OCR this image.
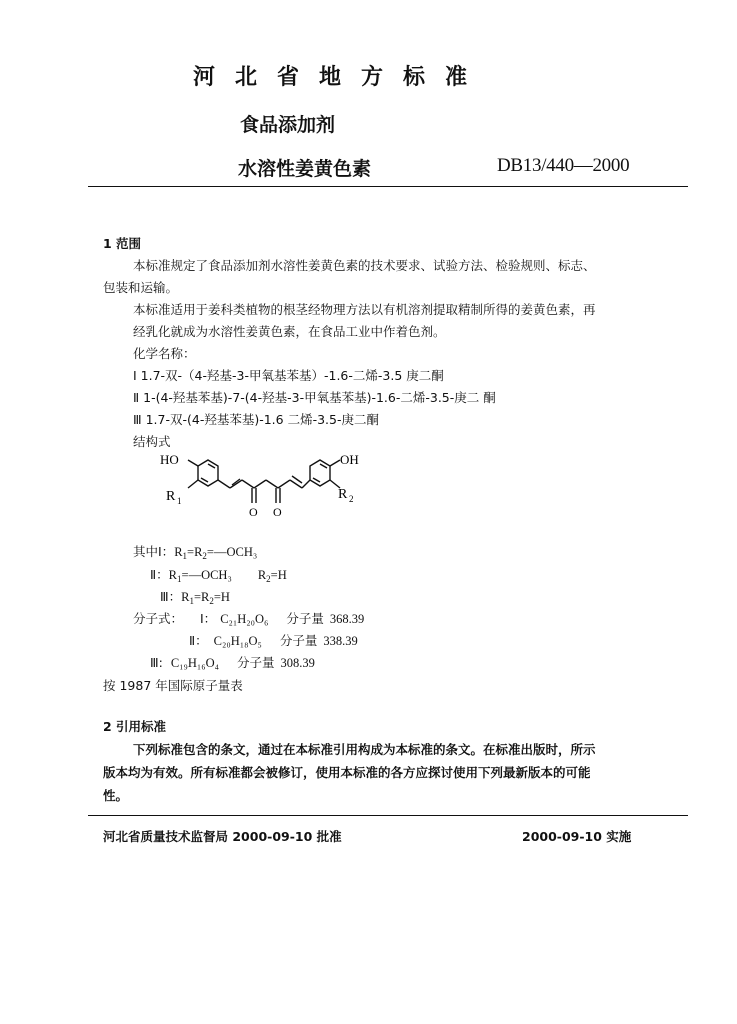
河北省地方标准
食品添加剂
水溶性姜黄色素	DB13/440—2000
1 范围
本标准规定了食品添加剂水溶性姜黄色素的技术要求、试验方法、检验规则、标志、
包装和运输。
本标准适用于姜科类植物的根茎经物理方法以有机溶剂提取精制所得的姜黄色素，再
经乳化就成为水溶性姜黄色素，在食品工业中作着色剂。
化学名称：
Ⅰ 1.7-双-（4-羟基-3-甲氧基苯基）-1.6-二烯-3.5 庚二酮
Ⅱ 1-(4-羟基苯基)-7-(4-羟基-3-甲氧基苯基)-1.6-二烯-3.5-庚二 酮
Ⅲ 1.7-双-(4-羟基苯基)-1.6 二烯-3.5-庚二酮
结构式
HO
R 1
OH
R 2
O O
其中Ⅰ：$R_1=R_2=—OCH_3$
Ⅱ：$R_1=—OCH_3$ $R_2=H$
Ⅲ：$R_1=R_2=H$
分子式： Ⅰ： C₂₁H₂₀O₆ 分子量 368.39
Ⅱ： C₂₀H₁₈O₅ 分子量 338.39
Ⅲ: C₁₉H₁₆O₄ 分子量 308.39
按 1987 年国际原子量表
2 引用标准
下列标准包含的条文，通过在本标准引用构成为本标准的条文。在标准出版时，所示
版本均为有效。所有标准都会被修订，使用本标准的各方应探讨使用下列最新版本的可能
性。
河北省质量技术监督局 2000-09-10 批准	2000-09-10 实施
